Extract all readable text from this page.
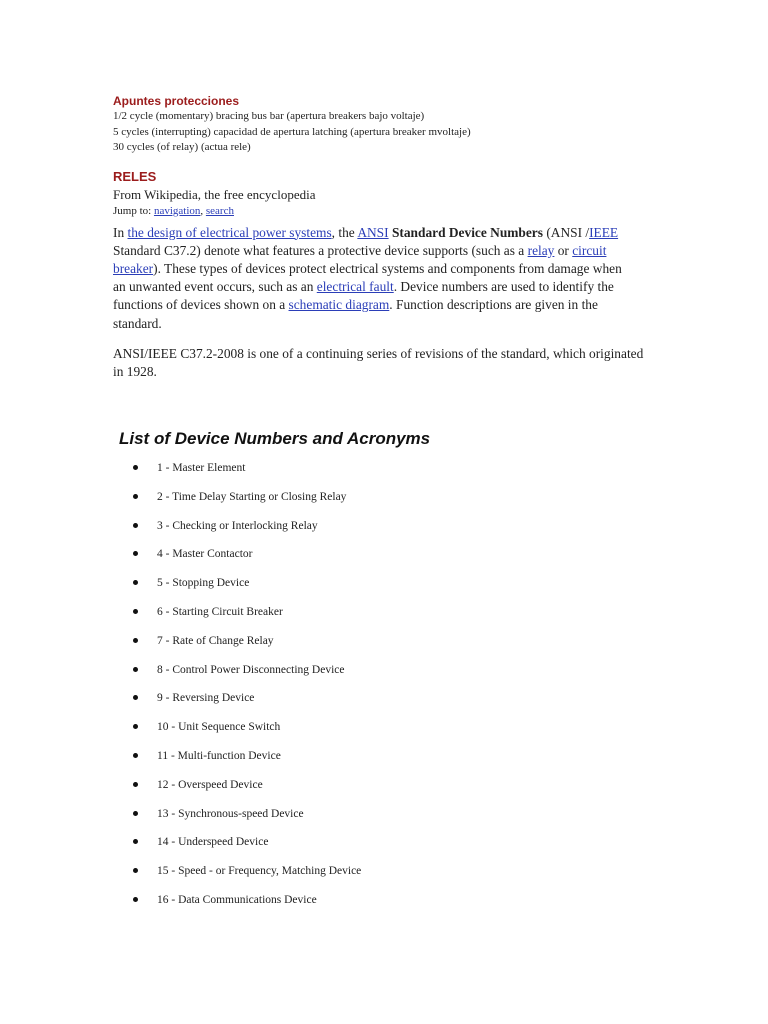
Apuntes protecciones

1/2 cycle (momentary) bracing bus bar (apertura breakers bajo voltaje)

5 cycles (interrupting) capacidad de apertura latching (apertura breaker mvoltaje)

30 cycles (of relay) (actua rele)

RELES

From Wikipedia, the free encyclopedia

Jump to: navigation, search

In the design of electrical power systems, the ANSI Standard Device Numbers (ANSI /IEEE Standard C37.2) denote what features a protective device supports (such as a relay or circuit breaker). These types of devices protect electrical systems and components from damage when an unwanted event occurs, such as an electrical fault. Device numbers are used to identify the functions of devices shown on a schematic diagram. Function descriptions are given in the standard.

ANSI/IEEE C37.2-2008 is one of a continuing series of revisions of the standard, which originated in 1928.

List of Device Numbers and Acronyms
1 - Master Element
2 - Time Delay Starting or Closing Relay
3 - Checking or Interlocking Relay
4 - Master Contactor
5 - Stopping Device
6 - Starting Circuit Breaker
7 - Rate of Change Relay
8 - Control Power Disconnecting Device
9 - Reversing Device
10 - Unit Sequence Switch
11 - Multi-function Device
12 - Overspeed Device
13 - Synchronous-speed Device
14 - Underspeed Device
15 - Speed - or Frequency, Matching Device
16 - Data Communications Device
